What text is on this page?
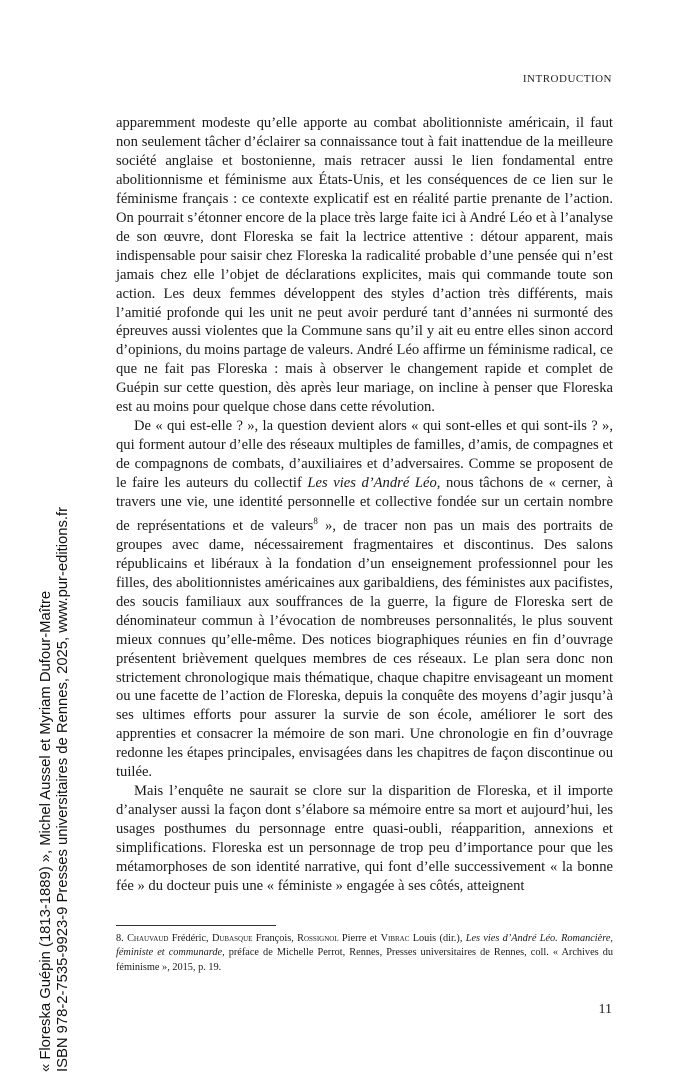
INTRODUCTION

apparemment modeste qu’elle apporte au combat abolitionniste américain, il faut non seulement tâcher d’éclairer sa connaissance tout à fait inattendue de la meilleure société anglaise et bostonienne, mais retracer aussi le lien fondamental entre abolitionnisme et féminisme aux États-Unis, et les conséquences de ce lien sur le féminisme français : ce contexte explicatif est en réalité partie prenante de l’action. On pourrait s’étonner encore de la place très large faite ici à André Léo et à l’analyse de son œuvre, dont Floreska se fait la lectrice attentive : détour apparent, mais indispensable pour saisir chez Floreska la radicalité probable d’une pensée qui n’est jamais chez elle l’objet de déclarations explicites, mais qui commande toute son action. Les deux femmes développent des styles d’action très différents, mais l’amitié profonde qui les unit ne peut avoir perduré tant d’années ni surmonté des épreuves aussi violentes que la Commune sans qu’il y ait eu entre elles sinon accord d’opinions, du moins partage de valeurs. André Léo affirme un féminisme radical, ce que ne fait pas Floreska : mais à observer le changement rapide et complet de Guépin sur cette question, dès après leur mariage, on incline à penser que Floreska est au moins pour quelque chose dans cette révolution.

De « qui est-elle ? », la question devient alors « qui sont-elles et qui sont-ils ? », qui forment autour d’elle des réseaux multiples de familles, d’amis, de compagnes et de compagnons de combats, d’auxiliaires et d’adversaires. Comme se proposent de le faire les auteurs du collectif Les vies d’André Léo, nous tâchons de « cerner, à travers une vie, une identité personnelle et collective fondée sur un certain nombre de représentations et de valeurs$^8$ », de tracer non pas un mais des portraits de groupes avec dame, nécessairement fragmentaires et discontinus. Des salons républicains et libéraux à la fondation d’un enseignement professionnel pour les filles, des abolitionnistes américaines aux garibaldiens, des féministes aux pacifistes, des soucis familiaux aux souffrances de la guerre, la figure de Floreska sert de dénominateur commun à l’évocation de nombreuses personnalités, le plus souvent mieux connues qu’elle-même. Des notices biographiques réunies en fin d’ouvrage présentent brièvement quelques membres de ces réseaux. Le plan sera donc non strictement chronologique mais thématique, chaque chapitre envisageant un moment ou une facette de l’action de Floreska, depuis la conquête des moyens d’agir jusqu’à ses ultimes efforts pour assurer la survie de son école, améliorer le sort des apprenties et consacrer la mémoire de son mari. Une chronologie en fin d’ouvrage redonne les étapes principales, envisagées dans les chapitres de façon discontinue ou tuilée.

Mais l’enquête ne saurait se clore sur la disparition de Floreska, et il importe d’analyser aussi la façon dont s’élabore sa mémoire entre sa mort et aujourd’hui, les usages posthumes du personnage entre quasi-oubli, réapparition, annexions et simplifications. Floreska est un personnage de trop peu d’importance pour que les métamorphoses de son identité narrative, qui font d’elle successivement « la bonne fée » du docteur puis une « féministe » engagée à ses côtés, atteignent

8. Chauvaud Frédéric, Dubasque François, Rossignol Pierre et Vibrac Louis (dir.), Les vies d’André Léo. Romancière, féministe et communarde, préface de Michelle Perrot, Rennes, Presses universitaires de Rennes, coll. « Archives du féminisme », 2015, p. 19.
11
« Floreska Guépin (1813-1889) », Michel Aussel et Myriam Dufour-Maître ISBN 978-2-7535-9923-9 Presses universitaires de Rennes, 2025, www.pur-editions.fr
